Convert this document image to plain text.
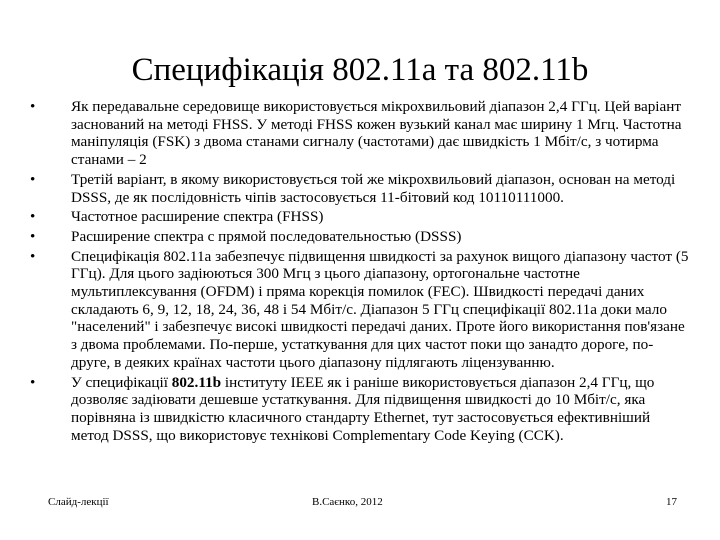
Специфікація 802.11a та 802.11b
• Як передавальне середовище використовується мікрохвильовий діапазон 2,4 ГГц. Цей варіант заснований на методі FHSS. У методі FHSS кожен вузький канал має ширину 1 Мгц. Частотна маніпуляція (FSK) з двома станами сигналу (частотами) дає швидкість 1 Мбіт/с, з чотирма станами – 2
• Третій варіант, в якому використовується той же мікрохвильовий діапазон, основан на методі DSSS, де як послідовність чіпів застосовується 11-бітовий код 10110111000.
• Частотное расширение спектра (FHSS)
• Расширение спектра с прямой последовательностью (DSSS)
• Специфікація 802.11a забезпечує підвищення швидкості за рахунок вищого діапазону частот (5 ГГц). Для цього задіюються 300 Мгц з цього діапазону, ортогональне частотне мультиплексування (OFDM) і пряма корекція помилок (FEC). Швидкості передачі даних складають 6, 9, 12, 18, 24, 36, 48 і 54 Мбіт/с. Діапазон 5 ГГц специфікації 802.11a доки мало "населений" і забезпечує високі швидкості передачі даних. Проте його використання пов'язане з двома проблемами. По-перше, устаткування для цих частот поки що занадто дороге, по-друге, в деяких країнах частоти цього діапазону підлягають ліцензуванню.
• У специфікації 802.11b інституту IEEE як і раніше використовується діапазон 2,4 ГГц, що дозволяє задіювати дешевше устаткування. Для підвищення швидкості до 10 Мбіт/с, яка порівняна із швидкістю класичного стандарту Ethernet, тут застосовується ефективніший метод DSSS, що використовує технікові Complementary Code Keying (CCK).
Слайд-лекції	В.Саєнко, 2012	17
